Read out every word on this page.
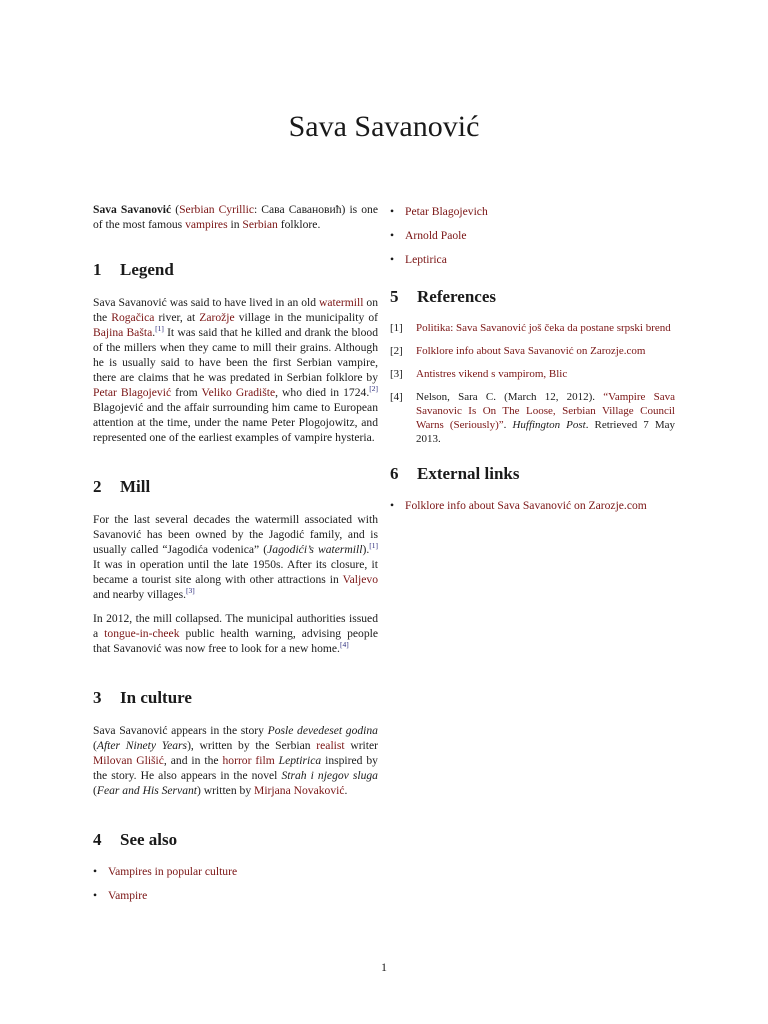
Sava Savanović

Sava Savanović (Serbian Cyrillic: Сава Савановић) is one of the most famous vampires in Serbian folklore.

1	Legend

Sava Savanović was said to have lived in an old watermill on the Rogačica river, at Zarožje village in the municipality of Bajina Bašta.[1] It was said that he killed and drank the blood of the millers when they came to mill their grains. Although he is usually said to have been the first Serbian vampire, there are claims that he was predated in Serbian folklore by Petar Blagojević from Veliko Gradište, who died in 1724.[2] Blagojević and the affair surrounding him came to European attention at the time, under the name Peter Plogojowitz, and represented one of the earliest examples of vampire hysteria.

2	Mill

For the last several decades the watermill associated with Savanović has been owned by the Jagodić family, and is usually called “Jagodića vodenica” (Jagodići’s watermill).[1] It was in operation until the late 1950s. After its closure, it became a tourist site along with other attractions in Valjevo and nearby villages.[3]

In 2012, the mill collapsed. The municipal authorities issued a tongue-in-cheek public health warning, advising people that Savanović was now free to look for a new home.[4]

3	In culture

Sava Savanović appears in the story Posle devedeset godina (After Ninety Years), written by the Serbian realist writer Milovan Glišić, and in the horror film Leptirica inspired by the story. He also appears in the novel Strah i njegov sluga (Fear and His Servant) written by Mirjana Novaković.

4	See also
• Vampires in popular culture
• Vampire
• Petar Blagojevich
• Arnold Paole
• Leptirica
5	References
[1]	Politika: Sava Savanović još čeka da postane srpski brend
[2]	Folklore info about Sava Savanović on Zarozje.com
[3]	Antistres vikend s vampirom, Blic
[4]	Nelson, Sara C. (March 12, 2012). “Vampire Sava Savanovic Is On The Loose, Serbian Village Council Warns (Seriously)”. Huffington Post. Retrieved 7 May 2013.
6	External links
• Folklore info about Sava Savanović on Zarozje.com
1
